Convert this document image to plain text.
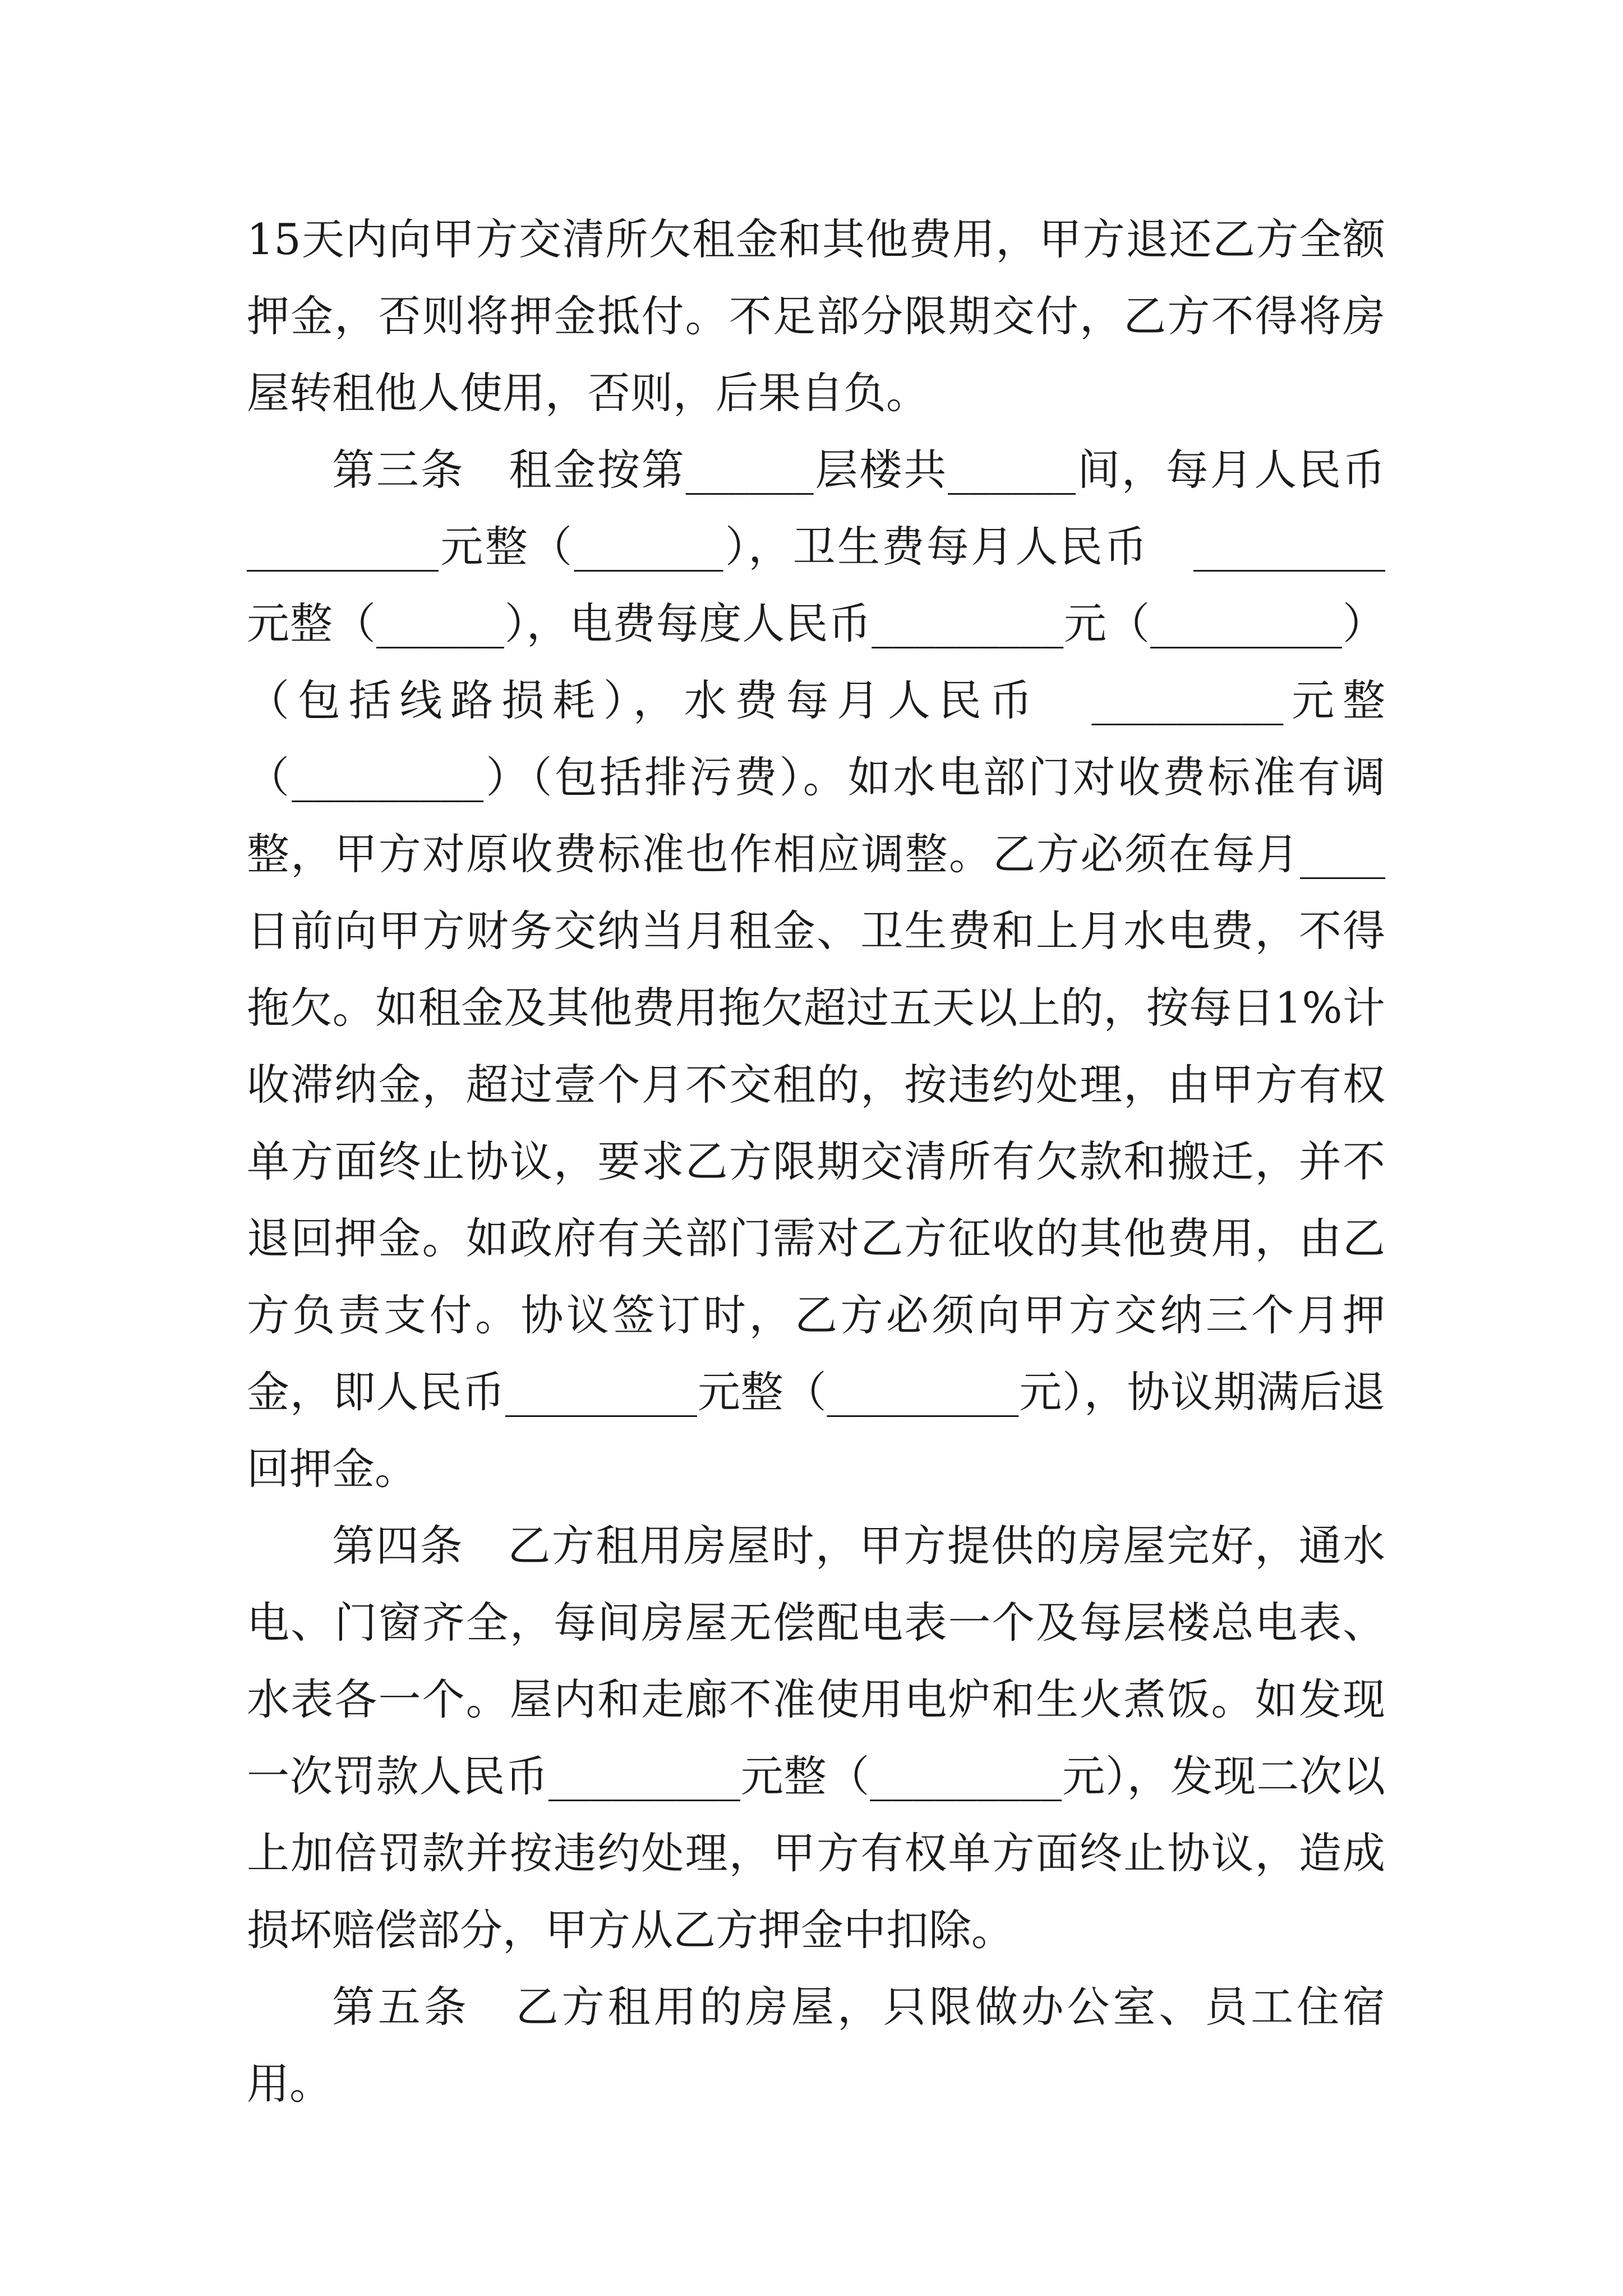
15天内向甲方交清所欠租金和其他费用，甲方退还乙方全额押金，否则将押金抵付。不足部分限期交付，乙方不得将房屋转租他人使用，否则，后果自负。

第三条　租金按第______层楼共______间，每月人民币_________元整（_______），卫生费每月人民币　_________元整（______），电费每度人民币_________元（_________）（包括线路损耗），水费每月人民币　_________元整（_________）（包括排污费）。如水电部门对收费标准有调整，甲方对原收费标准也作相应调整。乙方必须在每月____日前向甲方财务交纳当月租金、卫生费和上月水电费，不得拖欠。如租金及其他费用拖欠超过五天以上的，按每日1%计收滞纳金，超过壹个月不交租的，按违约处理，由甲方有权单方面终止协议，要求乙方限期交清所有欠款和搬迁，并不退回押金。如政府有关部门需对乙方征收的其他费用，由乙方负责支付。协议签订时，乙方必须向甲方交纳三个月押金，即人民币_________元整（_________元），协议期满后退回押金。

第四条　乙方租用房屋时，甲方提供的房屋完好，通水电、门窗齐全，每间房屋无偿配电表一个及每层楼总电表、水表各一个。屋内和走廊不准使用电炉和生火煮饭。如发现一次罚款人民币_________元整（_________元），发现二次以上加倍罚款并按违约处理，甲方有权单方面终止协议，造成损坏赔偿部分，甲方从乙方押金中扣除。

第五条　乙方租用的房屋，只限做办公室、员工住宿用。
